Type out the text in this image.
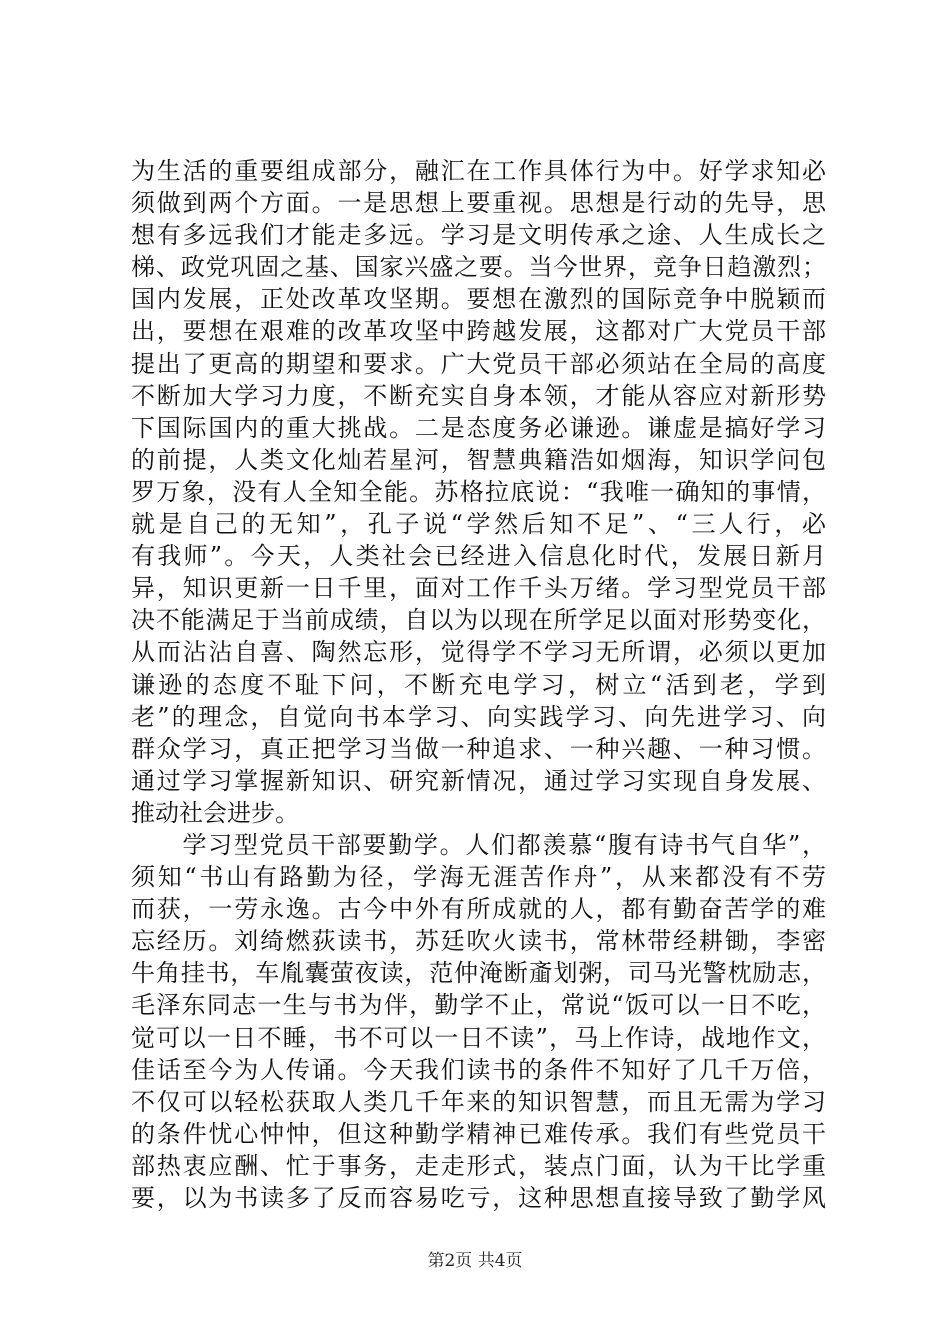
为生活的重要组成部分，融汇在工作具体行为中。好学求知必
须做到两个方面。一是思想上要重视。思想是行动的先导，思
想有多远我们才能走多远。学习是文明传承之途、人生成长之
梯、政党巩固之基、国家兴盛之要。当今世界，竞争日趋激烈；
国内发展，正处改革攻坚期。要想在激烈的国际竞争中脱颖而
出，要想在艰难的改革攻坚中跨越发展，这都对广大党员干部
提出了更高的期望和要求。广大党员干部必须站在全局的高度
不断加大学习力度，不断充实自身本领，才能从容应对新形势
下国际国内的重大挑战。二是态度务必谦逊。谦虚是搞好学习
的前提，人类文化灿若星河，智慧典籍浩如烟海，知识学问包
罗万象，没有人全知全能。苏格拉底说：“我唯一确知的事情，
就是自己的无知”，孔子说“学然后知不足”、“三人行，必
有我师”。今天，人类社会已经进入信息化时代，发展日新月
异，知识更新一日千里，面对工作千头万绪。学习型党员干部
决不能满足于当前成绩，自以为以现在所学足以面对形势变化，
从而沾沾自喜、陶然忘形，觉得学不学习无所谓，必须以更加
谦逊的态度不耻下问，不断充电学习，树立“活到老，学到
老”的理念，自觉向书本学习、向实践学习、向先进学习、向
群众学习，真正把学习当做一种追求、一种兴趣、一种习惯。
通过学习掌握新知识、研究新情况，通过学习实现自身发展、
推动社会进步。
　　学习型党员干部要勤学。人们都羡慕“腹有诗书气自华”，
须知“书山有路勤为径，学海无涯苦作舟”，从来都没有不劳
而获，一劳永逸。古今中外有所成就的人，都有勤奋苦学的难
忘经历。刘绮燃荻读书，苏廷吹火读书，常林带经耕锄，李密
牛角挂书，车胤囊萤夜读，范仲淹断齑划粥，司马光警枕励志，
毛泽东同志一生与书为伴，勤学不止，常说“饭可以一日不吃，
觉可以一日不睡，书不可以一日不读”，马上作诗，战地作文，
佳话至今为人传诵。今天我们读书的条件不知好了几千万倍，
不仅可以轻松获取人类几千年来的知识智慧，而且无需为学习
的条件忧心忡忡，但这种勤学精神已难传承。我们有些党员干
部热衷应酬、忙于事务，走走形式，装点门面，认为干比学重
要，以为书读多了反而容易吃亏，这种思想直接导致了勤学风
第2页 共4页
